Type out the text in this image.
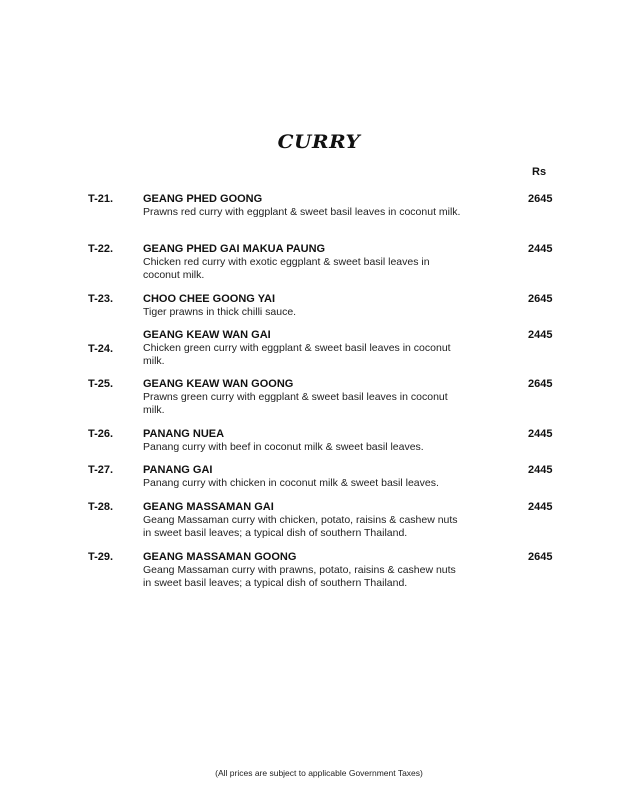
CURRY
Rs
T-21.	GEANG PHED GOONG
Prawns red curry with eggplant & sweet basil leaves in coconut milk.
2645
T-22.	GEANG PHED GAI MAKUA PAUNG
Chicken red curry with exotic eggplant & sweet basil leaves in coconut milk.
2445
T-23.	CHOO CHEE GOONG YAI
Tiger prawns in thick chilli sauce.
2645
T-24.
GEANG KEAW WAN GAI
Chicken green curry with eggplant & sweet basil leaves in coconut milk.
2445
T-25.	GEANG KEAW WAN GOONG
Prawns green curry with eggplant & sweet basil leaves in coconut milk.
2645
T-26.	PANANG NUEA
Panang curry with beef in coconut milk & sweet basil leaves.
2445
T-27.	PANANG GAI
Panang curry with chicken in coconut milk & sweet basil leaves.
2445
T-28.	GEANG MASSAMAN GAI
Geang Massaman curry with chicken, potato, raisins & cashew nuts in sweet basil leaves; a typical dish of southern Thailand.
2445
T-29.	GEANG MASSAMAN GOONG
Geang Massaman curry with prawns, potato, raisins & cashew nuts in sweet basil leaves; a typical dish of southern Thailand.
2645
(All prices are subject to applicable Government Taxes)
